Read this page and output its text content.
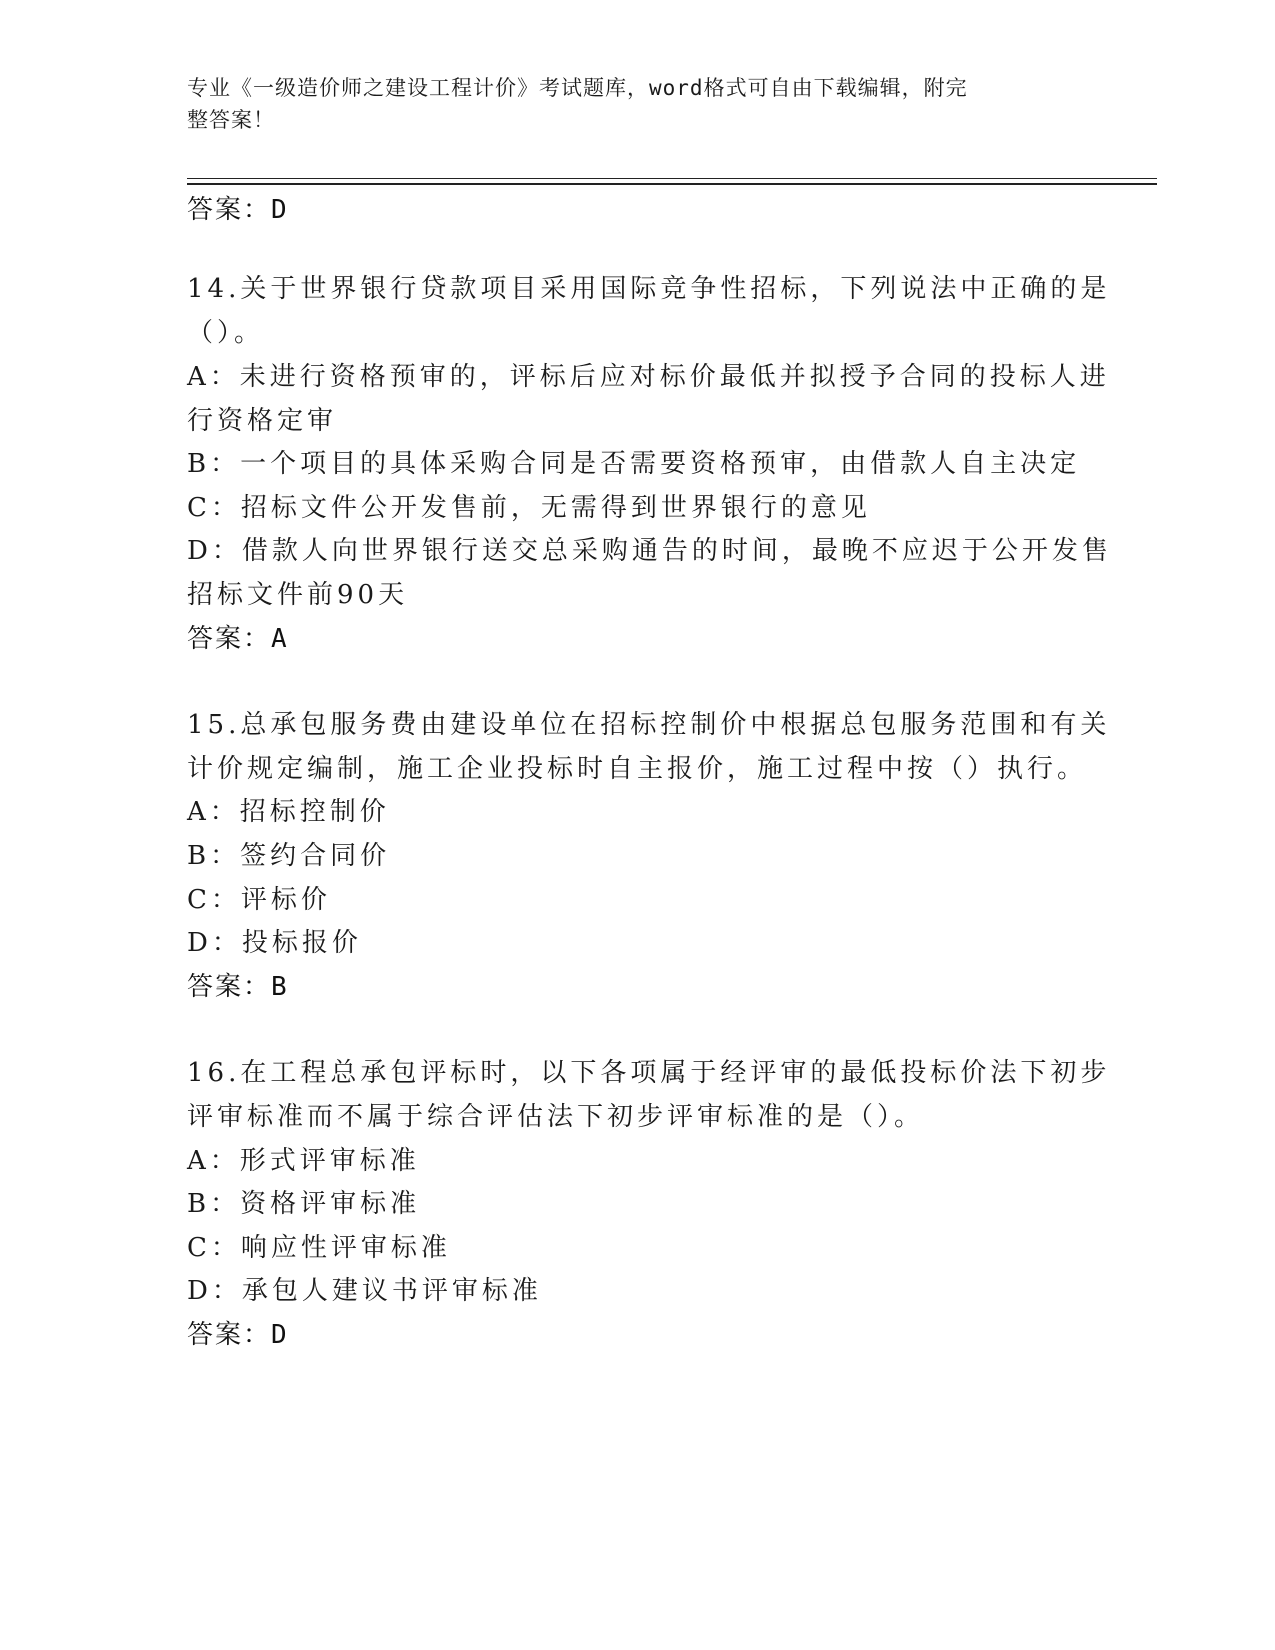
专业《一级造价师之建设工程计价》考试题库，word格式可自由下载编辑，附完
整答案！
答案：D
14.关于世界银行贷款项目采用国际竞争性招标，下列说法中正确的是
（）。
A：未进行资格预审的，评标后应对标价最低并拟授予合同的投标人进
行资格定审
B：一个项目的具体采购合同是否需要资格预审，由借款人自主决定
C：招标文件公开发售前，无需得到世界银行的意见
D：借款人向世界银行送交总采购通告的时间，最晚不应迟于公开发售
招标文件前90天
答案：A
15.总承包服务费由建设单位在招标控制价中根据总包服务范围和有关
计价规定编制，施工企业投标时自主报价，施工过程中按（）执行。
A：招标控制价
B：签约合同价
C：评标价
D：投标报价
答案：B
16.在工程总承包评标时，以下各项属于经评审的最低投标价法下初步
评审标准而不属于综合评估法下初步评审标准的是（）。
A：形式评审标准
B：资格评审标准
C：响应性评审标准
D：承包人建议书评审标准
答案：D
